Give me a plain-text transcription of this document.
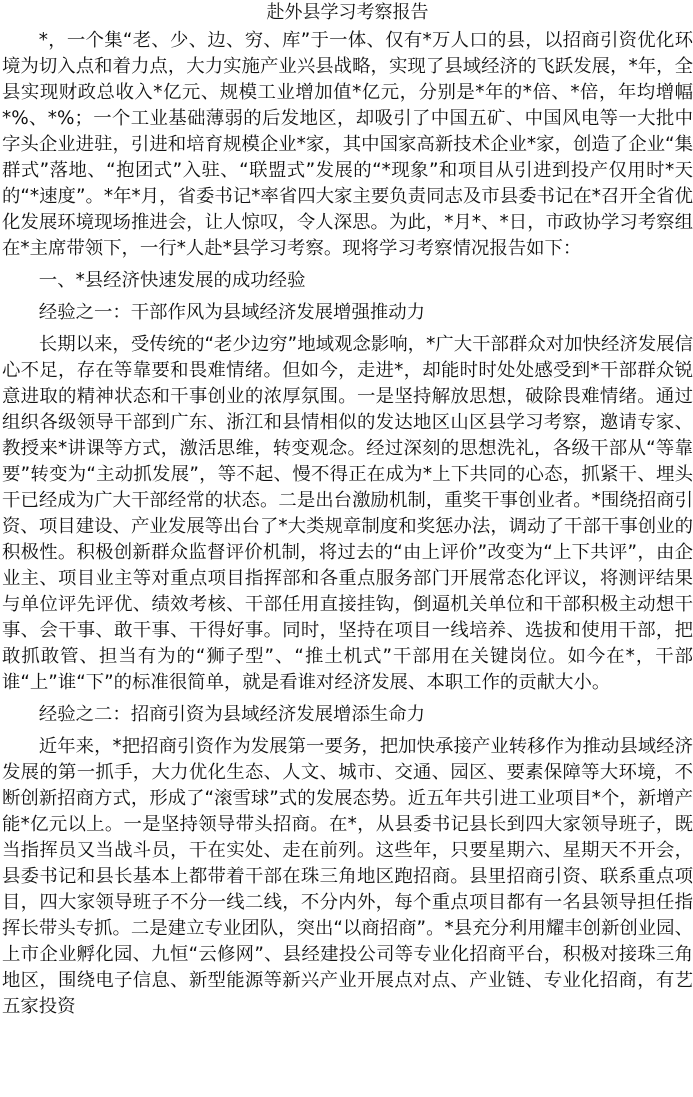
赴外县学习考察报告

*，一个集“老、少、边、穷、库”于一体、仅有*万人口的县，以招商引资优化环境为切入点和着力点，大力实施产业兴县战略，实现了县域经济的飞跃发展，*年，全县实现财政总收入*亿元、规模工业增加值*亿元，分别是*年的*倍、*倍，年均增幅*%、*%；一个工业基础薄弱的后发地区，却吸引了中国五矿、中国风电等一大批中字头企业进驻，引进和培育规模企业*家，其中国家高新技术企业*家，创造了企业“集群式”落地、“抱团式”入驻、“联盟式”发展的“*现象”和项目从引进到投产仅用时*天的“*速度”。*年*月，省委书记*率省四大家主要负责同志及市县委书记在*召开全省优化发展环境现场推进会，让人惊叹，令人深思。为此，*月*、*日，市政协学习考察组在*主席带领下，一行*人赴*县学习考察。现将学习考察情况报告如下：

一、*县经济快速发展的成功经验

经验之一：干部作风为县域经济发展增强推动力

长期以来，受传统的“老少边穷”地域观念影响，*广大干部群众对加快经济发展信心不足，存在等靠要和畏难情绪。但如今，走进*，却能时时处处感受到*干部群众锐意进取的精神状态和干事创业的浓厚氛围。一是坚持解放思想，破除畏难情绪。通过组织各级领导干部到广东、浙江和县情相似的发达地区山区县学习考察，邀请专家、教授来*讲课等方式，激活思维，转变观念。经过深刻的思想洗礼，各级干部从“等靠要”转变为“主动抓发展”，等不起、慢不得正在成为*上下共同的心态，抓紧干、埋头干已经成为广大干部经常的状态。二是出台激励机制，重奖干事创业者。*围绕招商引资、项目建设、产业发展等出台了*大类规章制度和奖惩办法，调动了干部干事创业的积极性。积极创新群众监督评价机制，将过去的“由上评价”改变为“上下共评”，由企业主、项目业主等对重点项目指挥部和各重点服务部门开展常态化评议，将测评结果与单位评先评优、绩效考核、干部任用直接挂钩，倒逼机关单位和干部积极主动想干事、会干事、敢干事、干得好事。同时，坚持在项目一线培养、选拔和使用干部，把敢抓敢管、担当有为的“狮子型”、“推土机式”干部用在关键岗位。如今在*，干部谁“上”谁“下”的标准很简单，就是看谁对经济发展、本职工作的贡献大小。

经验之二：招商引资为县域经济发展增添生命力

近年来，*把招商引资作为发展第一要务，把加快承接产业转移作为推动县域经济发展的第一抓手，大力优化生态、人文、城市、交通、园区、要素保障等大环境，不断创新招商方式，形成了“滚雪球”式的发展态势。近五年共引进工业项目*个，新增产能*亿元以上。一是坚持领导带头招商。在*，从县委书记县长到四大家领导班子，既当指挥员又当战斗员，干在实处、走在前列。这些年，只要星期六、星期天不开会，县委书记和县长基本上都带着干部在珠三角地区跑招商。县里招商引资、联系重点项目，四大家领导班子不分一线二线，不分内外，每个重点项目都有一名县领导担任指挥长带头专抓。二是建立专业团队，突出“以商招商”。*县充分利用耀丰创新创业园、上市企业孵化园、九恒“云修网”、县经建投公司等专业化招商平台，积极对接珠三角地区，围绕电子信息、新型能源等新兴产业开展点对点、产业链、专业化招商，有艺五家投资
